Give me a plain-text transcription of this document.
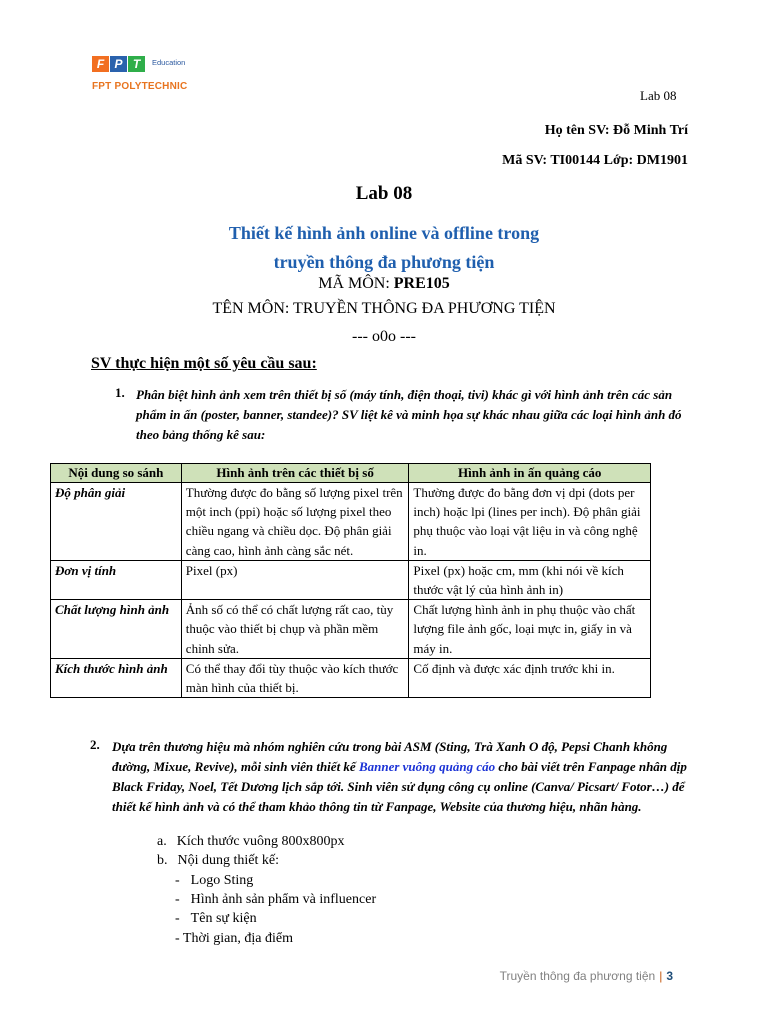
F P T	Education
FPT POLYTECHNIC
Lab 08
Họ tên SV: Đỗ Minh Trí
Mã SV: TI00144 Lớp: DM1901
Lab 08
Thiết kế hình ảnh online và offline trong
truyền thông đa phương tiện
MÃ MÔN: PRE105
TÊN MÔN: TRUYỀN THÔNG ĐA PHƯƠNG TIỆN
--- o0o ---
SV thực hiện một số yêu cầu sau:
1. Phân biệt hình ảnh xem trên thiết bị số (máy tính, điện thoại, tivi) khác gì với hình ảnh trên các sản phẩm in ấn (poster, banner, standee)? SV liệt kê và minh họa sự khác nhau giữa các loại hình ảnh đó theo bảng thống kê sau:
Nội dung so sánh	Hình ảnh trên các thiết bị số	Hình ảnh in ấn quảng cáo
Độ phân giải	Thường được đo bằng số lượng pixel trên một inch (ppi) hoặc số lượng pixel theo chiều ngang và chiều dọc. Độ phân giải càng cao, hình ảnh càng sắc nét.	Thường được đo bằng đơn vị dpi (dots per inch) hoặc lpi (lines per inch). Độ phân giải phụ thuộc vào loại vật liệu in và công nghệ in.
Đơn vị tính	Pixel (px)	Pixel (px) hoặc cm, mm (khi nói về kích thước vật lý của hình ảnh in)
Chất lượng hình ảnh	Ảnh số có thể có chất lượng rất cao, tùy thuộc vào thiết bị chụp và phần mềm chỉnh sửa.	Chất lượng hình ảnh in phụ thuộc vào chất lượng file ảnh gốc, loại mực in, giấy in và máy in.
Kích thước hình ảnh	Có thể thay đổi tùy thuộc vào kích thước màn hình của thiết bị.	Cố định và được xác định trước khi in.
2. Dựa trên thương hiệu mà nhóm nghiên cứu trong bài ASM (Sting, Trà Xanh O độ, Pepsi Chanh không đường, Mixue, Revive), mỗi sinh viên thiết kế Banner vuông quảng cáo cho bài viết trên Fanpage nhân dịp Black Friday, Noel, Tết Dương lịch sắp tới. Sinh viên sử dụng công cụ online (Canva/ Picsart/ Fotor…) để thiết kế hình ảnh và có thể tham khảo thông tin từ Fanpage, Website của thương hiệu, nhãn hàng.
a. Kích thước vuông 800x800px
b. Nội dung thiết kế:
- Logo Sting
- Hình ảnh sản phẩm và influencer
- Tên sự kiện
- Thời gian, địa điểm
Truyền thông đa phương tiện | 3
